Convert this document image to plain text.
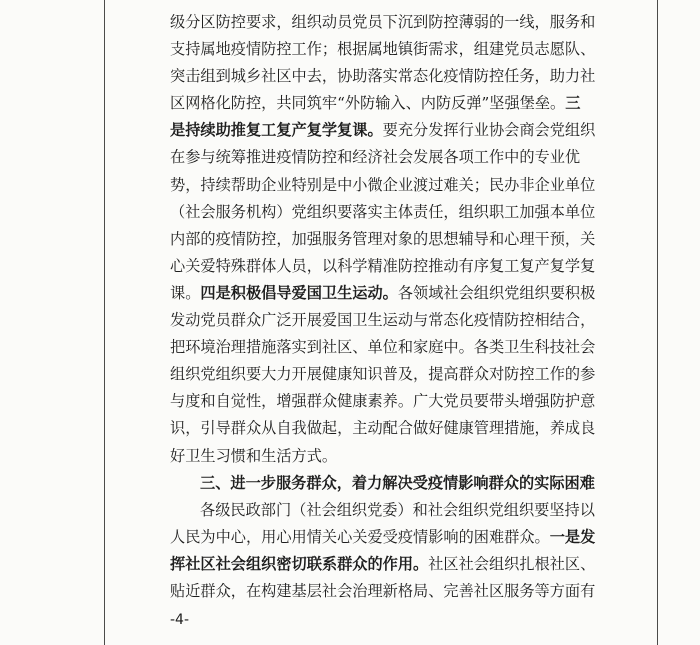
级分区防控要求，组织动员党员下沉到防控薄弱的一线，服务和
支持属地疫情防控工作；根据属地镇街需求，组建党员志愿队、
突击组到城乡社区中去，协助落实常态化疫情防控任务，助力社
区网格化防控，共同筑牢“外防输入、内防反弹”坚强堡垒。三
是持续助推复工复产复学复课。要充分发挥行业协会商会党组织
在参与统筹推进疫情防控和经济社会发展各项工作中的专业优
势，持续帮助企业特别是中小微企业渡过难关；民办非企业单位
（社会服务机构）党组织要落实主体责任，组织职工加强本单位
内部的疫情防控，加强服务管理对象的思想辅导和心理干预，关
心关爱特殊群体人员，以科学精准防控推动有序复工复产复学复
课。四是积极倡导爱国卫生运动。各领域社会组织党组织要积极
发动党员群众广泛开展爱国卫生运动与常态化疫情防控相结合，
把环境治理措施落实到社区、单位和家庭中。各类卫生科技社会
组织党组织要大力开展健康知识普及，提高群众对防控工作的参
与度和自觉性，增强群众健康素养。广大党员要带头增强防护意
识，引导群众从自我做起，主动配合做好健康管理措施，养成良
好卫生习惯和生活方式。
三、进一步服务群众，着力解决受疫情影响群众的实际困难
各级民政部门（社会组织党委）和社会组织党组织要坚持以
人民为中心，用心用情关心关爱受疫情影响的困难群众。一是发
挥社区社会组织密切联系群众的作用。社区社会组织扎根社区、
贴近群众，在构建基层社会治理新格局、完善社区服务等方面有
-4-
